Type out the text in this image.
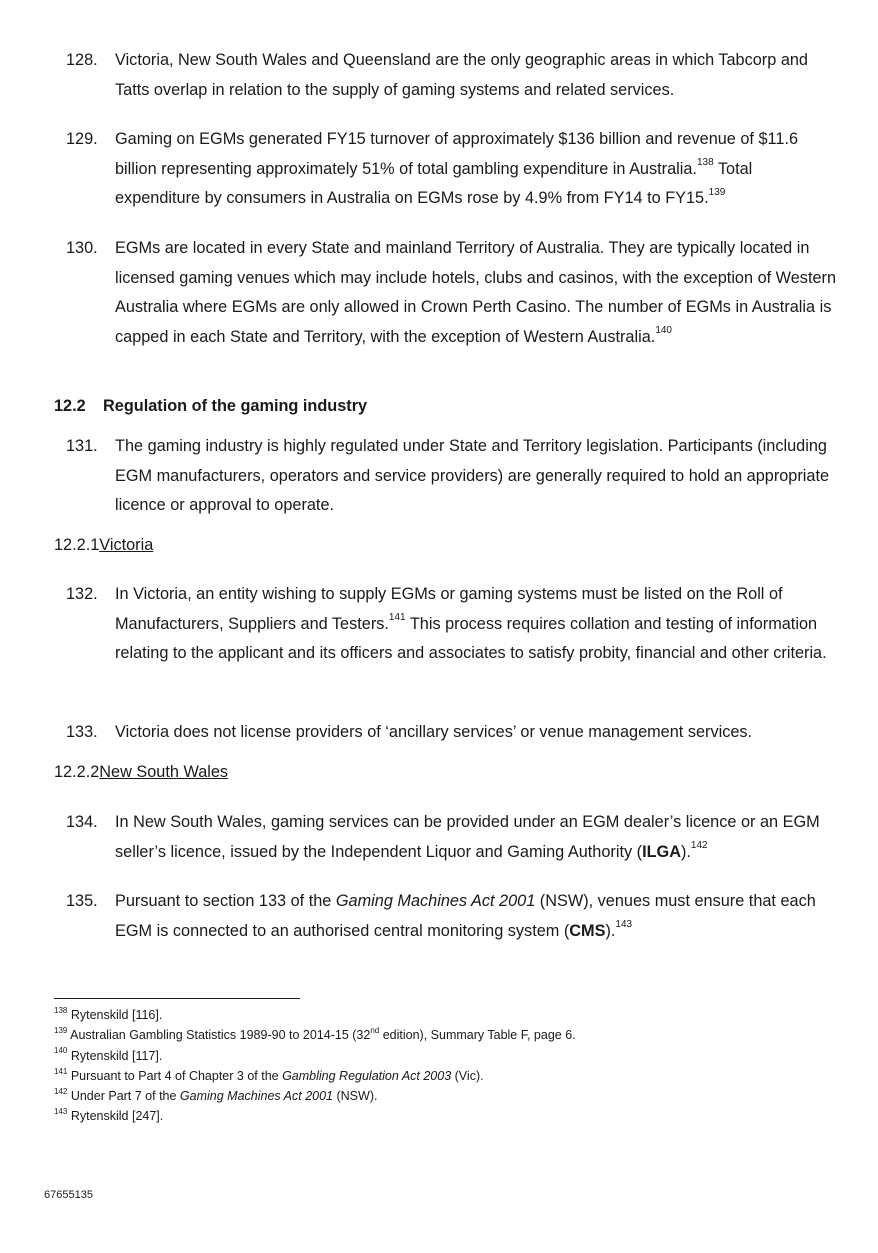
128.	Victoria, New South Wales and Queensland are the only geographic areas in which Tabcorp and Tatts overlap in relation to the supply of gaming systems and related services.
129.	Gaming on EGMs generated FY15 turnover of approximately $136 billion and revenue of $11.6 billion representing approximately 51% of total gambling expenditure in Australia.$^{138}$ Total expenditure by consumers in Australia on EGMs rose by 4.9% from FY14 to FY15.$^{139}$
130.	EGMs are located in every State and mainland Territory of Australia. They are typically located in licensed gaming venues which may include hotels, clubs and casinos, with the exception of Western Australia where EGMs are only allowed in Crown Perth Casino. The number of EGMs in Australia is capped in each State and Territory, with the exception of Western Australia.$^{140}$
12.2 Regulation of the gaming industry
131.	The gaming industry is highly regulated under State and Territory legislation. Participants (including EGM manufacturers, operators and service providers) are generally required to hold an appropriate licence or approval to operate.
12.2.1Victoria
132.	In Victoria, an entity wishing to supply EGMs or gaming systems must be listed on the Roll of Manufacturers, Suppliers and Testers.$^{141}$ This process requires collation and testing of information relating to the applicant and its officers and associates to satisfy probity, financial and other criteria.
133.	Victoria does not license providers of ‘ancillary services’ or venue management services.
12.2.2New South Wales
134.	In New South Wales, gaming services can be provided under an EGM dealer’s licence or an EGM seller’s licence, issued by the Independent Liquor and Gaming Authority (ILGA).$^{142}$
135.	Pursuant to section 133 of the Gaming Machines Act 2001 (NSW), venues must ensure that each EGM is connected to an authorised central monitoring system (CMS).$^{143}$
$^{138}$ Rytenskild [116].
$^{139}$ Australian Gambling Statistics 1989-90 to 2014-15 (32nd edition), Summary Table F, page 6.
$^{140}$ Rytenskild [117].
$^{141}$ Pursuant to Part 4 of Chapter 3 of the Gambling Regulation Act 2003 (Vic).
$^{142}$ Under Part 7 of the Gaming Machines Act 2001 (NSW).
$^{143}$ Rytenskild [247].
67655135
